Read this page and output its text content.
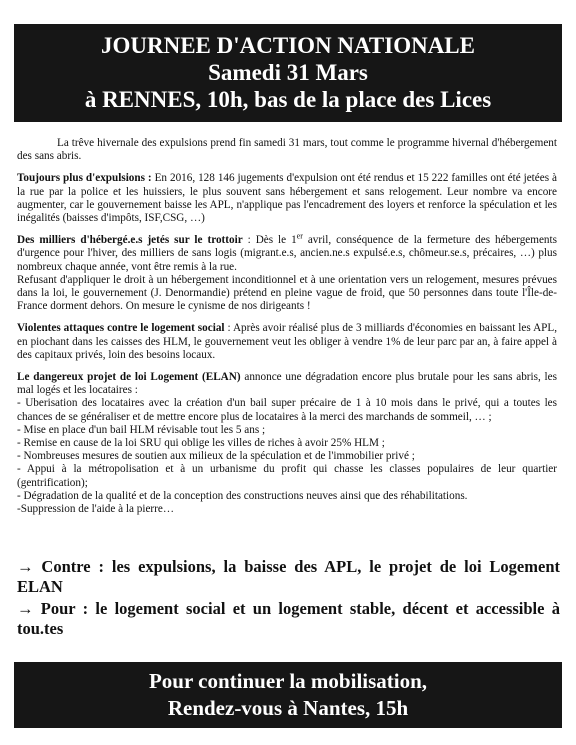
JOURNEE D'ACTION NATIONALE
Samedi 31 Mars
à RENNES, 10h, bas de la place des Lices

La trêve hivernale des expulsions prend fin samedi 31 mars, tout comme le programme hivernal d'hébergement des sans abris.

Toujours plus d'expulsions : En 2016, 128 146 jugements d'expulsion ont été rendus et 15 222 familles ont été jetées à la rue par la police et les huissiers, le plus souvent sans hébergement et sans relogement. Leur nombre va encore augmenter, car le gouvernement baisse les APL, n'applique pas l'encadrement des loyers et renforce la spéculation et les inégalités (baisses d'impôts, ISF,CSG, …)

Des milliers d'hébergé.e.s jetés sur le trottoir : Dès le 1er avril, conséquence de la fermeture des hébergements d'urgence pour l'hiver, des milliers de sans logis (migrant.e.s, ancien.ne.s expulsé.e.s, chômeur.se.s, précaires, …) plus nombreux chaque année, vont être remis à la rue.

Refusant d'appliquer le droit à un hébergement inconditionnel et à une orientation vers un relogement, mesures prévues dans la loi, le gouvernement (J. Denormandie) prétend en pleine vague de froid, que 50 personnes dans toute l'Île-de-France dorment dehors. On mesure le cynisme de nos dirigeants !

Violentes attaques contre le logement social : Après avoir réalisé plus de 3 milliards d'économies en baissant les APL, en piochant dans les caisses des HLM, le gouvernement veut les obliger à vendre 1% de leur parc par an, à faire appel à des capitaux privés, loin des besoins locaux.

Le dangereux projet de loi Logement (ELAN) annonce une dégradation encore plus brutale pour les sans abris, les mal logés et les locataires :

- Uberisation des locataires avec la création d'un bail super précaire de 1 à 10 mois dans le privé, qui a toutes les chances de se généraliser et de mettre encore plus de locataires à la merci des marchands de sommeil, … ;
- Mise en place d'un bail HLM révisable tout les 5 ans ;
- Remise en cause de la loi SRU qui oblige les villes de riches à avoir 25% HLM ;
- Nombreuses mesures de soutien aux milieux de la spéculation et de l'immobilier privé ;
- Appui à la métropolisation et à un urbanisme du profit qui chasse les classes populaires de leur quartier (gentrification);
- Dégradation de la qualité et de la conception des constructions neuves ainsi que des réhabilitations.
-Suppression de l'aide à la pierre…

→ Contre : les expulsions, la baisse des APL, le projet de loi Logement ELAN

→ Pour : le logement social et un logement stable, décent et accessible à tou.tes

Pour continuer la mobilisation,
Rendez-vous à Nantes, 15h
